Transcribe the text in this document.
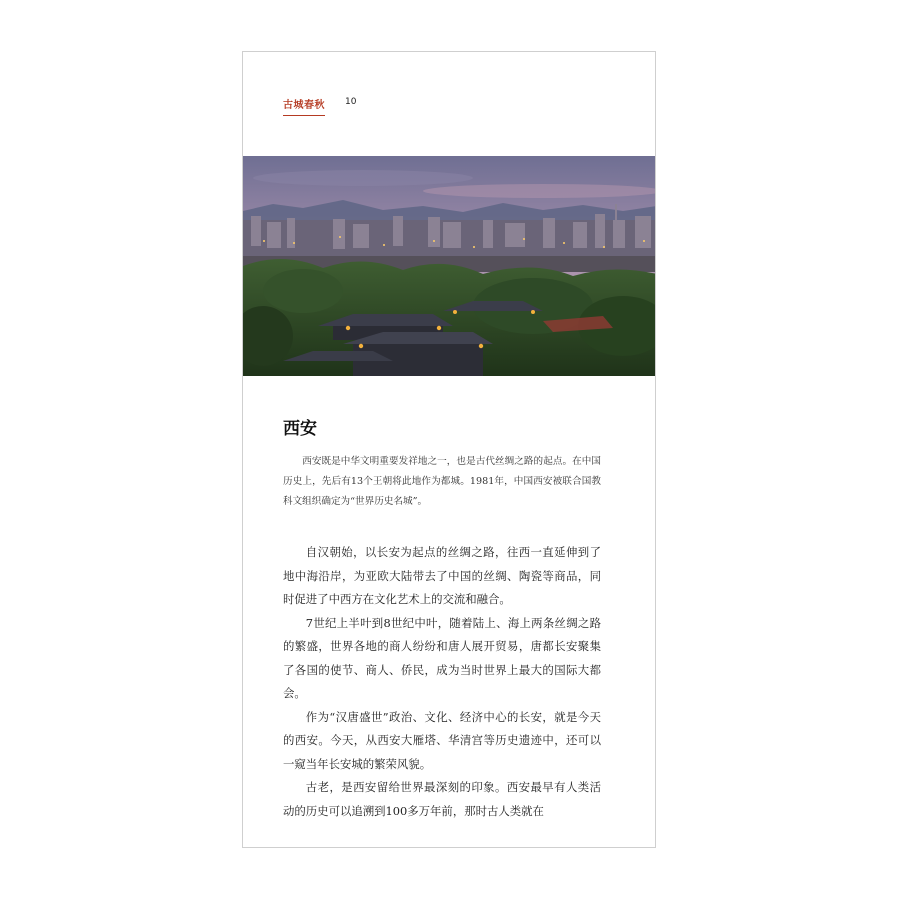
古城春秋 10
西安

西安既是中华文明重要发祥地之一，也是古代丝绸之路的起点。在中国历史上，先后有13个王朝将此地作为都城。1981年，中国西安被联合国教科文组织确定为“世界历史名城”。

自汉朝始，以长安为起点的丝绸之路，往西一直延伸到了地中海沿岸，为亚欧大陆带去了中国的丝绸、陶瓷等商品，同时促进了中西方在文化艺术上的交流和融合。

7世纪上半叶到8世纪中叶，随着陆上、海上两条丝绸之路的繁盛，世界各地的商人纷纷和唐人展开贸易，唐都长安聚集了各国的使节、商人、侨民，成为当时世界上最大的国际大都会。

作为“汉唐盛世”政治、文化、经济中心的长安，就是今天的西安。今天，从西安大雁塔、华清宫等历史遗迹中，还可以一窥当年长安城的繁荣风貌。

古老，是西安留给世界最深刻的印象。西安最早有人类活动的历史可以追溯到100多万年前，那时古人类就在
